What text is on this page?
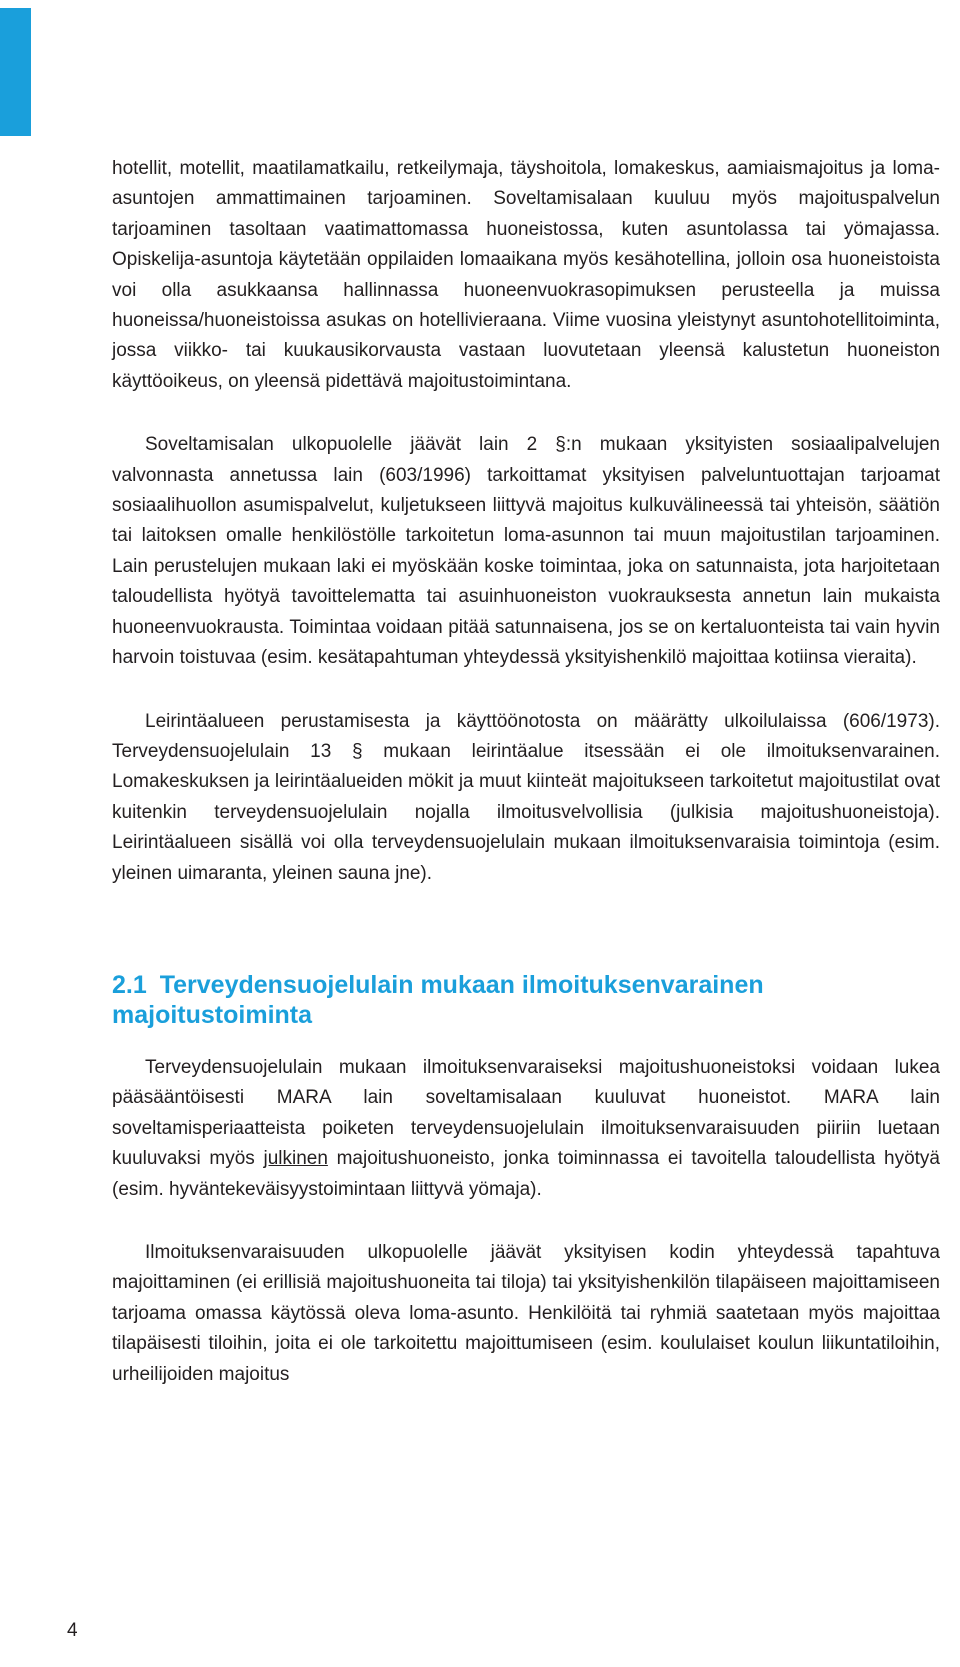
hotellit, motellit, maatilamatkailu, retkeilymaja, täyshoitola, lomakeskus, aamiaismajoitus ja loma-asuntojen ammattimainen tarjoaminen. Soveltamisalaan kuuluu myös majoituspalvelun tarjoaminen tasoltaan vaatimattomassa huoneistossa, kuten asuntolassa tai yömajassa. Opiskelija-asuntoja käytetään oppilaiden lomaaikana myös kesähotellina, jolloin osa huoneistoista voi olla asukkaansa hallinnassa huoneenvuokrasopimuksen perusteella ja muissa huoneissa/huoneistoissa asukas on hotellivieraana. Viime vuosina yleistynyt asuntohotellitoiminta, jossa viikko- tai kuukausikorvausta vastaan luovutetaan yleensä kalustetun huoneiston käyttöoikeus, on yleensä pidettävä majoitustoimintana.

Soveltamisalan ulkopuolelle jäävät lain 2 §:n mukaan yksityisten sosiaalipalvelujen valvonnasta annetussa lain (603/1996) tarkoittamat yksityisen palveluntuottajan tarjoamat sosiaalihuollon asumispalvelut, kuljetukseen liittyvä majoitus kulkuvälineessä tai yhteisön, säätiön tai laitoksen omalle henkilöstölle tarkoitetun loma-asunnon tai muun majoitustilan tarjoaminen. Lain perustelujen mukaan laki ei myöskään koske toimintaa, joka on satunnaista, jota harjoitetaan taloudellista hyötyä tavoittelematta tai asuinhuoneiston vuokrauksesta annetun lain mukaista huoneenvuokrausta. Toimintaa voidaan pitää satunnaisena, jos se on kertaluonteista tai vain hyvin harvoin toistuvaa (esim. kesätapahtuman yhteydessä yksityishenkilö majoittaa kotiinsa vieraita).

Leirintäalueen perustamisesta ja käyttöönotosta on määrätty ulkoilulaissa (606/1973). Terveydensuojelulain 13 § mukaan leirintäalue itsessään ei ole ilmoituksenvarainen. Lomakeskuksen ja leirintäalueiden mökit ja muut kiinteät majoitukseen tarkoitetut majoitustilat ovat kuitenkin terveydensuojelulain nojalla ilmoitusvelvollisia (julkisia majoitushuoneistoja). Leirintäalueen sisällä voi olla terveydensuojelulain mukaan ilmoituksenvaraisia toimintoja (esim. yleinen uimaranta, yleinen sauna jne).

2.1 Terveydensuojelulain mukaan ilmoituksenvarainen majoitustoiminta

Terveydensuojelulain mukaan ilmoituksenvaraiseksi majoitushuoneistoksi voidaan lukea pääsääntöisesti MARA lain soveltamisalaan kuuluvat huoneistot. MARA lain soveltamisperiaatteista poiketen terveydensuojelulain ilmoituksenvaraisuuden piiriin luetaan kuuluvaksi myös julkinen majoitushuoneisto, jonka toiminnassa ei tavoitella taloudellista hyötyä (esim. hyväntekeväisyystoimintaan liittyvä yömaja).

Ilmoituksenvaraisuuden ulkopuolelle jäävät yksityisen kodin yhteydessä tapahtuva majoittaminen (ei erillisiä majoitushuoneita tai tiloja) tai yksityishenkilön tilapäiseen majoittamiseen tarjoama omassa käytössä oleva loma-asunto. Henkilöitä tai ryhmiä saatetaan myös majoittaa tilapäisesti tiloihin, joita ei ole tarkoitettu majoittumiseen (esim. koululaiset koulun liikuntatiloihin, urheilijoiden majoitus

4
